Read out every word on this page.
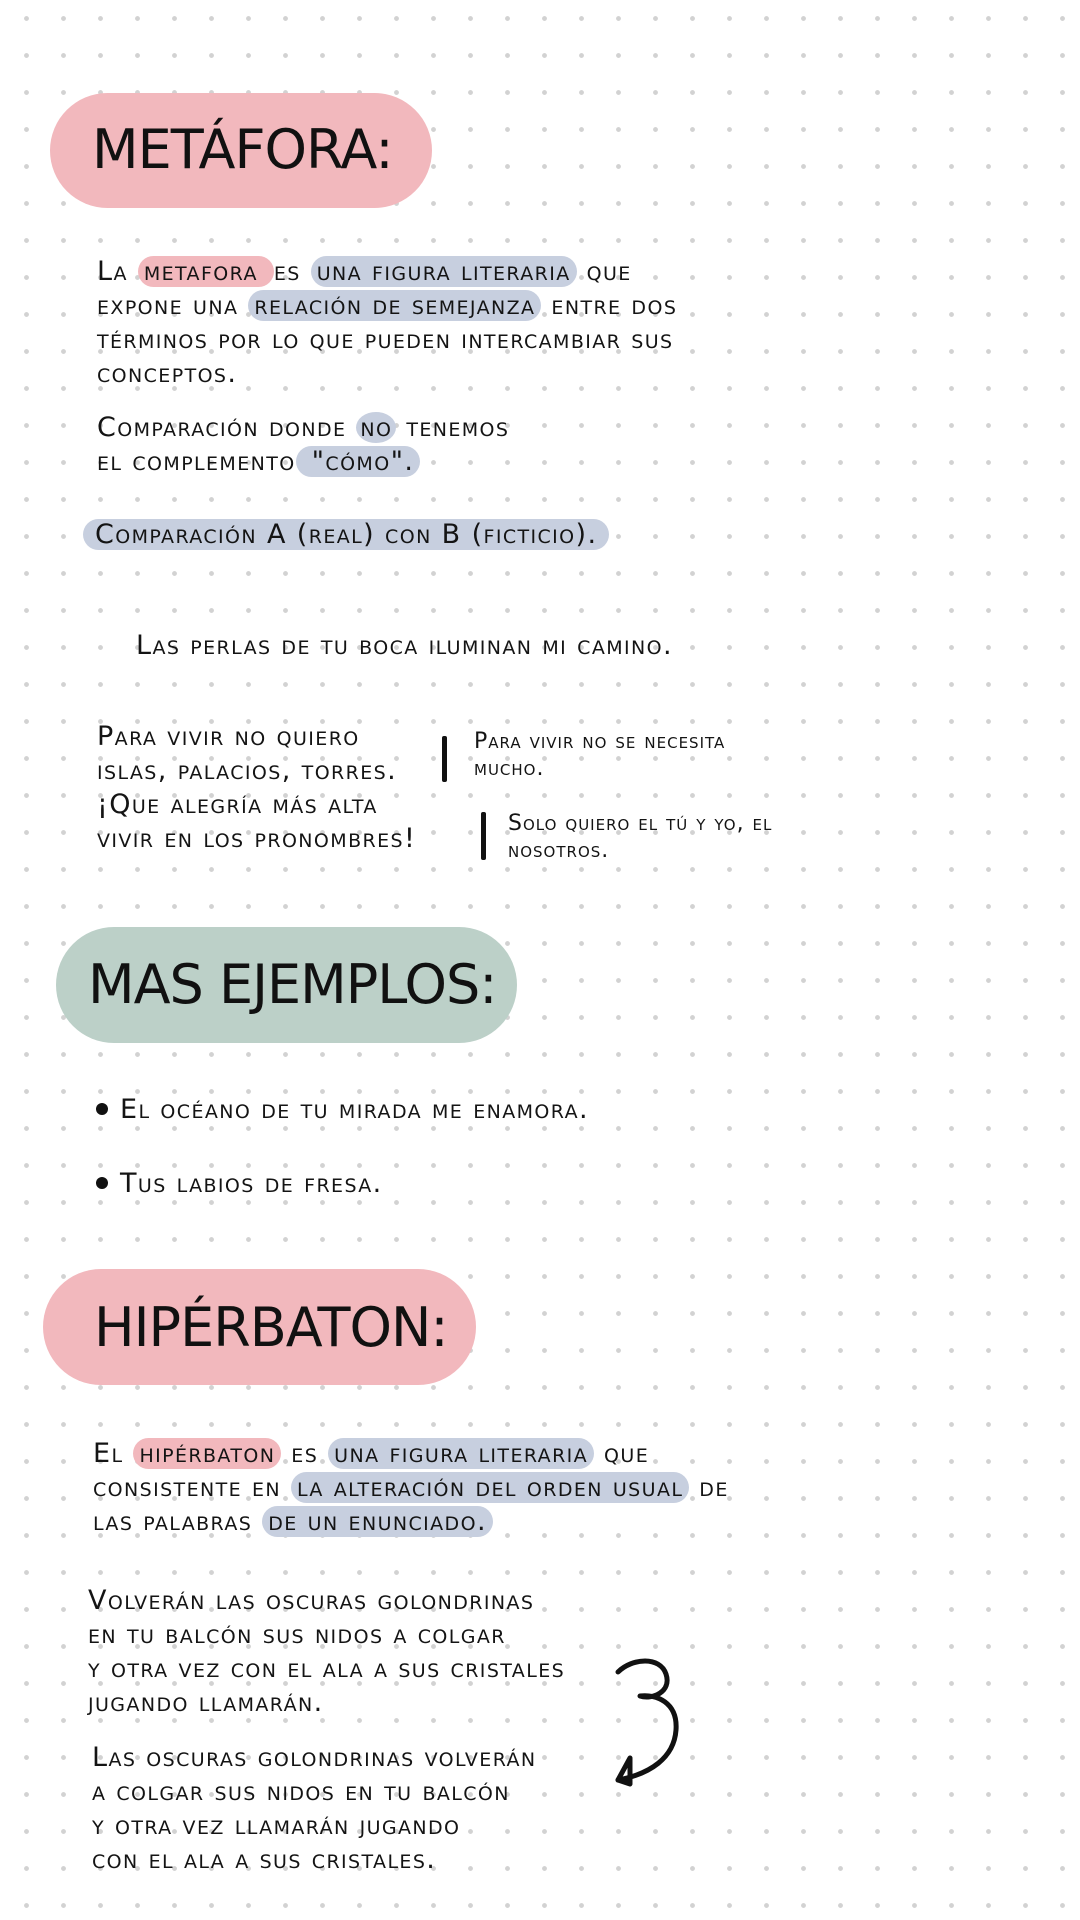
METÁFORA:
La metafora es una figura literaria que
expone una relación de semejanza entre dos
términos por lo que pueden intercambiar sus
conceptos.
Comparación donde no tenemos
el complemento "cómo".
Comparación A (real) con B (ficticio).
Las perlas de tu boca iluminan mi camino.
Para vivir no quiero
islas, palacios, torres.
¡Que alegría más alta
vivir en los pronombres!
Para vivir no se necesita
mucho.
Solo quiero el tú y yo, el
nosotros.
MAS EJEMPLOS:
El océano de tu mirada me enamora.
Tus labios de fresa.
HIPÉRBATON:
El hipérbaton es una figura literaria que
consistente en la alteración del orden usual de
las palabras de un enunciado.
Volverán las oscuras golondrinas
en tu balcón sus nidos a colgar
y otra vez con el ala a sus cristales
jugando llamarán.
Las oscuras golondrinas volverán
a colgar sus nidos en tu balcón
y otra vez llamarán jugando
con el ala a sus cristales.
